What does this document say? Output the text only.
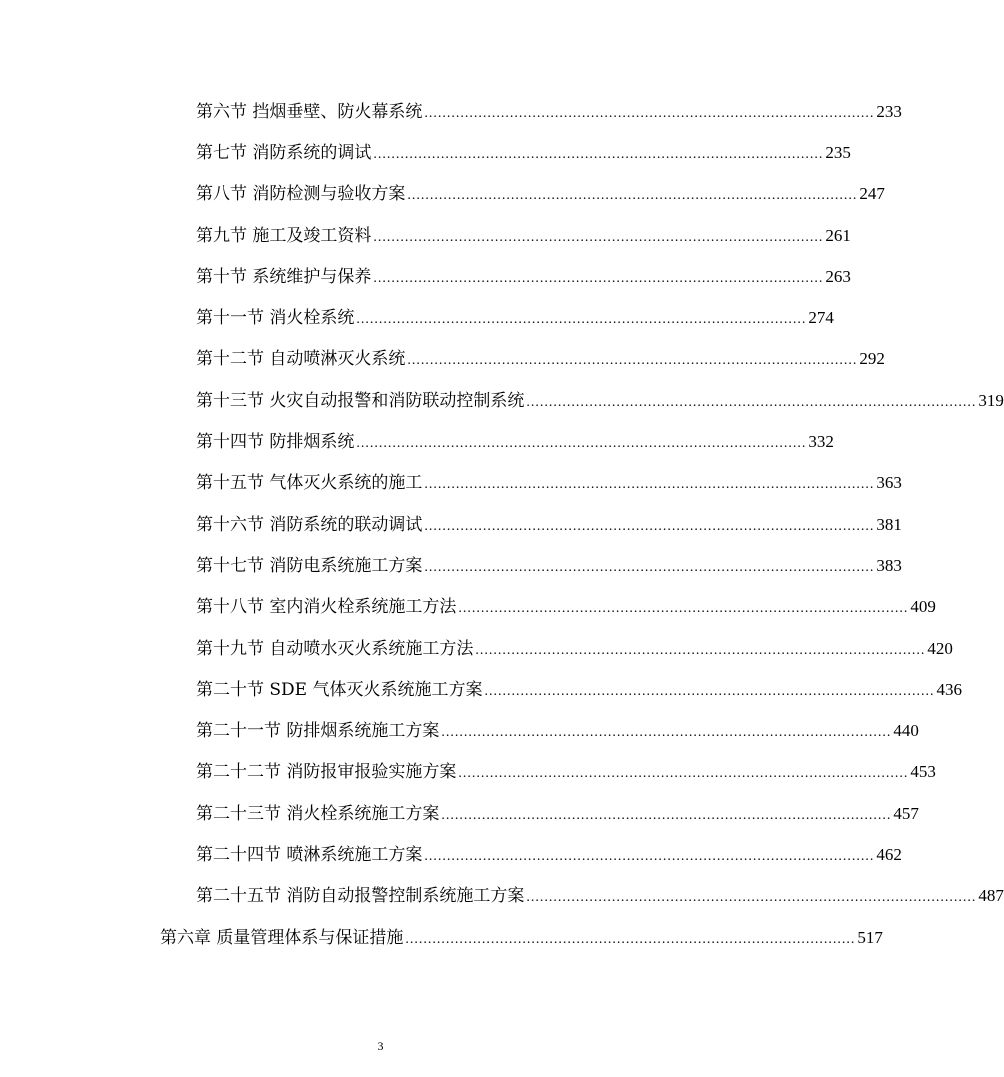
第六节 挡烟垂壁、防火幕系统 .................................................................................................... 233
第七节 消防系统的调试 .................................................................................................... 235
第八节 消防检测与验收方案 .................................................................................................... 247
第九节 施工及竣工资料 .................................................................................................... 261
第十节 系统维护与保养 .................................................................................................... 263
第十一节 消火栓系统 .................................................................................................... 274
第十二节 自动喷淋灭火系统 .................................................................................................... 292
第十三节 火灾自动报警和消防联动控制系统 .................................................................................................... 319
第十四节 防排烟系统 .................................................................................................... 332
第十五节 气体灭火系统的施工 .................................................................................................... 363
第十六节 消防系统的联动调试 .................................................................................................... 381
第十七节 消防电系统施工方案 .................................................................................................... 383
第十八节 室内消火栓系统施工方法 .................................................................................................... 409
第十九节 自动喷水灭火系统施工方法 .................................................................................................... 420
第二十节 SDE 气体灭火系统施工方案 .................................................................................................... 436
第二十一节 防排烟系统施工方案 .................................................................................................... 440
第二十二节 消防报审报验实施方案 .................................................................................................... 453
第二十三节 消火栓系统施工方案 .................................................................................................... 457
第二十四节 喷淋系统施工方案 .................................................................................................... 462
第二十五节 消防自动报警控制系统施工方案 .................................................................................................... 487
第六章 质量管理体系与保证措施 .................................................................................................... 517
3
